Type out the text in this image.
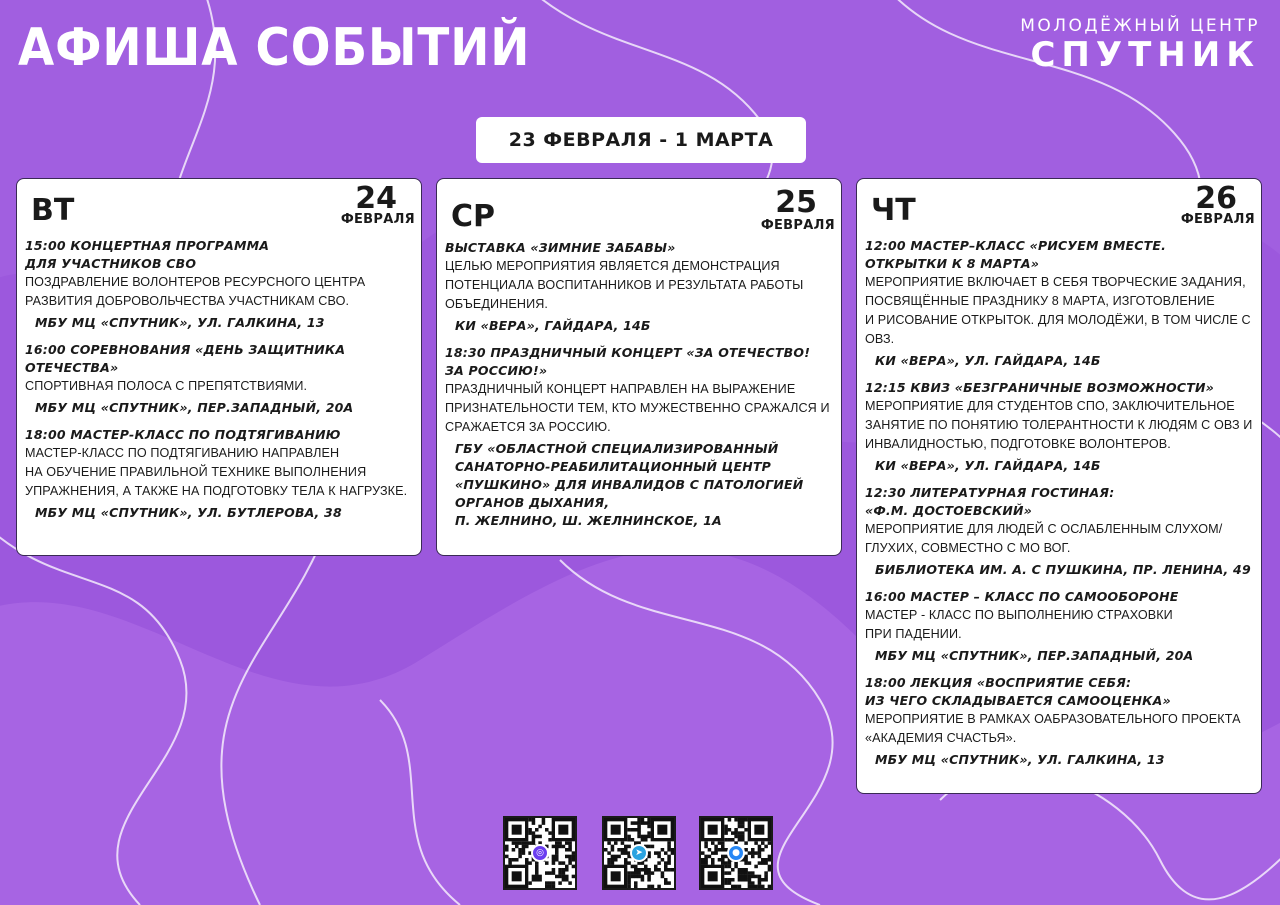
АФИША СОБЫТИЙ	МОЛОДЁЖНЫЙ ЦЕНТР
СПУТНИК
23 ФЕВРАЛЯ - 1 МАРТА
ВТ	24
ФЕВРАЛЯ
15:00 КОНЦЕРТНАЯ ПРОГРАММА
ДЛЯ УЧАСТНИКОВ СВО
ПОЗДРАВЛЕНИЕ ВОЛОНТЕРОВ РЕСУРСНОГО ЦЕНТРА РАЗВИТИЯ ДОБРОВОЛЬЧЕСТВА УЧАСТНИКАМ СВО.
МБУ МЦ «СПУТНИК», УЛ. ГАЛКИНА, 13
16:00 СОРЕВНОВАНИЯ «ДЕНЬ ЗАЩИТНИКА
ОТЕЧЕСТВА»
СПОРТИВНАЯ ПОЛОСА С ПРЕПЯТСТВИЯМИ.
МБУ МЦ «СПУТНИК», ПЕР.ЗАПАДНЫЙ, 20А
18:00 МАСТЕР-КЛАСС ПО ПОДТЯГИВАНИЮ
МАСТЕР-КЛАСС ПО ПОДТЯГИВАНИЮ НАПРАВЛЕН
НА ОБУЧЕНИЕ ПРАВИЛЬНОЙ ТЕХНИКЕ ВЫПОЛНЕНИЯ УПРАЖНЕНИЯ, А ТАКЖЕ НА ПОДГОТОВКУ ТЕЛА К НАГРУЗКЕ.
МБУ МЦ «СПУТНИК», УЛ. БУТЛЕРОВА, 38
СР	25
ФЕВРАЛЯ
ВЫСТАВКА «ЗИМНИЕ ЗАБАВЫ»
ЦЕЛЬЮ МЕРОПРИЯТИЯ ЯВЛЯЕТСЯ ДЕМОНСТРАЦИЯ ПОТЕНЦИАЛА ВОСПИТАННИКОВ И РЕЗУЛЬТАТА РАБОТЫ ОБЪЕДИНЕНИЯ.
КИ «ВЕРА», ГАЙДАРА, 14Б
18:30 ПРАЗДНИЧНЫЙ КОНЦЕРТ «ЗА ОТЕЧЕСТВО!
ЗА РОССИЮ!»
ПРАЗДНИЧНЫЙ КОНЦЕРТ НАПРАВЛЕН НА ВЫРАЖЕНИЕ ПРИЗНАТЕЛЬНОСТИ ТЕМ, КТО МУЖЕСТВЕННО СРАЖАЛСЯ И СРАЖАЕТСЯ ЗА РОССИЮ.
ГБУ «ОБЛАСТНОЙ СПЕЦИАЛИЗИРОВАННЫЙ САНАТОРНО-РЕАБИЛИТАЦИОННЫЙ ЦЕНТР «ПУШКИНО» ДЛЯ ИНВАЛИДОВ С ПАТОЛОГИЕЙ ОРГАНОВ ДЫХАНИЯ,
П. ЖЕЛНИНО, Ш. ЖЕЛНИНСКОЕ, 1А
ЧТ	26
ФЕВРАЛЯ
12:00 МАСТЕР–КЛАСС «РИСУЕМ ВМЕСТЕ.
ОТКРЫТКИ К 8 МАРТА»
МЕРОПРИЯТИЕ ВКЛЮЧАЕТ В СЕБЯ ТВОРЧЕСКИЕ ЗАДАНИЯ, ПОСВЯЩЁННЫЕ ПРАЗДНИКУ 8 МАРТА, ИЗГОТОВЛЕНИЕ
И РИСОВАНИЕ ОТКРЫТОК. ДЛЯ МОЛОДЁЖИ, В ТОМ ЧИСЛЕ С ОВЗ.
КИ «ВЕРА», УЛ. ГАЙДАРА, 14Б
12:15 КВИЗ «БЕЗГРАНИЧНЫЕ ВОЗМОЖНОСТИ»
МЕРОПРИЯТИЕ ДЛЯ СТУДЕНТОВ СПО, ЗАКЛЮЧИТЕЛЬНОЕ ЗАНЯТИЕ ПО ПОНЯТИЮ ТОЛЕРАНТНОСТИ К ЛЮДЯМ С ОВЗ И ИНВАЛИДНОСТЬЮ, ПОДГОТОВКЕ ВОЛОНТЕРОВ.
КИ «ВЕРА», УЛ. ГАЙДАРА, 14Б
12:30 ЛИТЕРАТУРНАЯ ГОСТИНАЯ:
«Ф.М. ДОСТОЕВСКИЙ»
МЕРОПРИЯТИЕ ДЛЯ ЛЮДЕЙ С ОСЛАБЛЕННЫМ СЛУХОМ/ГЛУХИХ, СОВМЕСТНО С МО ВОГ.
БИБЛИОТЕКА ИМ. А. С ПУШКИНА, ПР. ЛЕНИНА, 49
16:00 МАСТЕР – КЛАСС ПО САМООБОРОНЕ
МАСТЕР - КЛАСС ПО ВЫПОЛНЕНИЮ СТРАХОВКИ
ПРИ ПАДЕНИИ.
МБУ МЦ «СПУТНИК», ПЕР.ЗАПАДНЫЙ, 20А
18:00 ЛЕКЦИЯ «ВОСПРИЯТИЕ СЕБЯ:
ИЗ ЧЕГО СКЛАДЫВАЕТСЯ САМООЦЕНКА»
МЕРОПРИЯТИЕ В РАМКАХ ОАБРАЗОВАТЕЛЬНОГО ПРОЕКТА «АКАДЕМИЯ СЧАСТЬЯ».
МБУ МЦ «СПУТНИК», УЛ. ГАЛКИНА, 13
◎	➤	●
